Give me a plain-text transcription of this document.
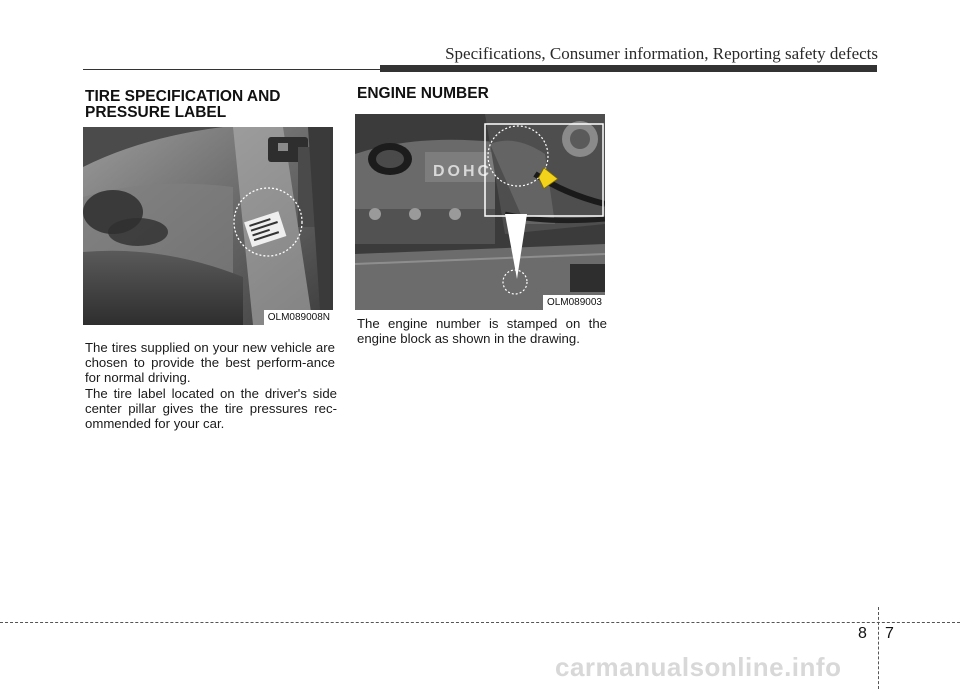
Specifications, Consumer information, Reporting safety defects
TIRE SPECIFICATION AND
PRESSURE LABEL
OLM089008N

The tires supplied on your new vehicle are chosen to provide the best perform-ance for normal driving.

The tire label located on the driver's side center pillar gives the tire pressures rec-ommended for your car.

ENGINE NUMBER
DOHC
OLM089003

The engine number is stamped on the engine block as shown in the drawing.

8 7
carmanualsonline.info
